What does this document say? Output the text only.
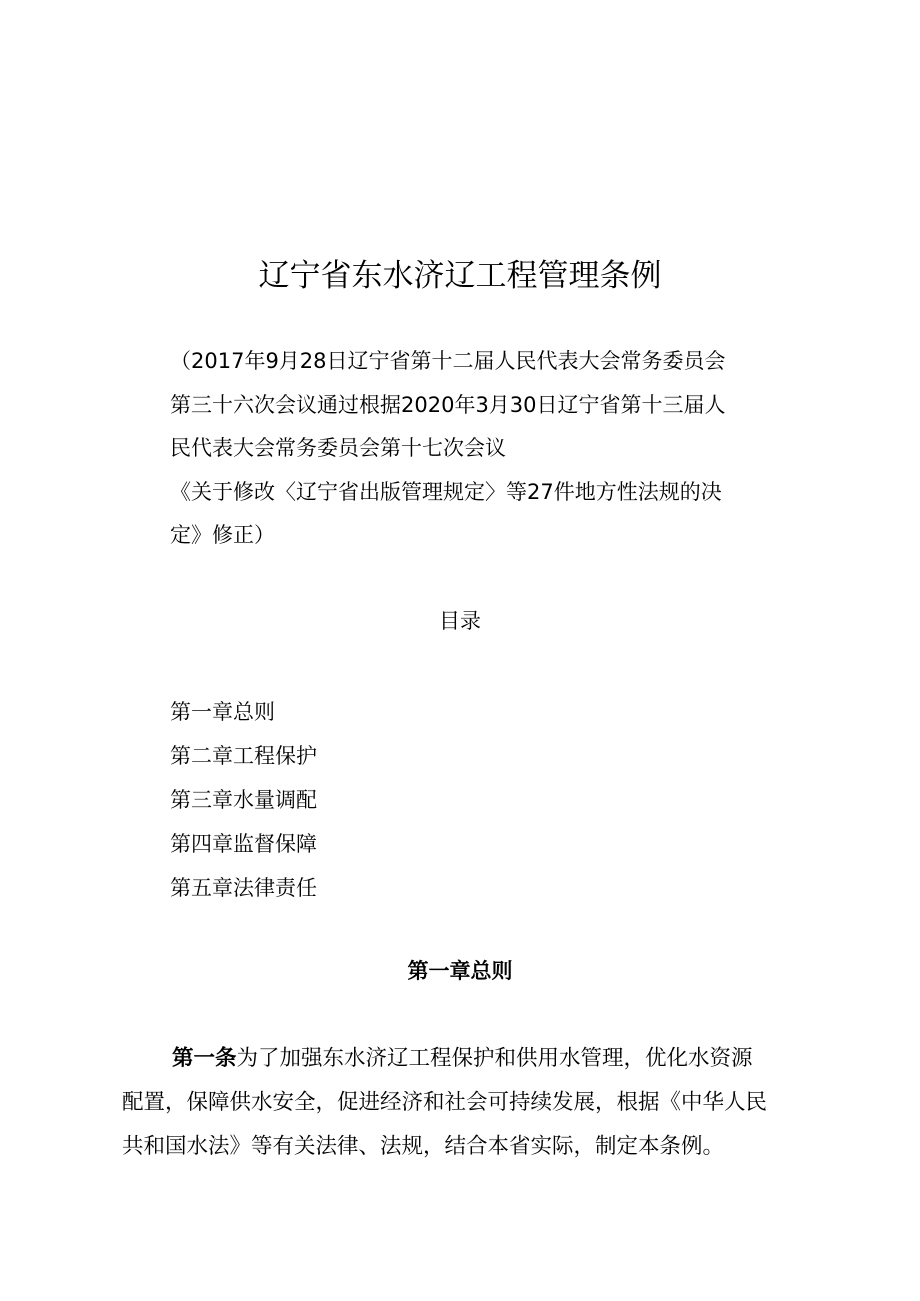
辽宁省东水济辽工程管理条例
（2017年9月28日辽宁省第十二届人民代表大会常务委员会
第三十六次会议通过根据2020年3月30日辽宁省第十三届人
民代表大会常务委员会第十七次会议
《关于修改〈辽宁省出版管理规定〉等27件地方性法规的决
定》修正）
目录
第一章总则
第二章工程保护
第三章水量调配
第四章监督保障
第五章法律责任
第一章总则
第一条为了加强东水济辽工程保护和供用水管理，优化水资源
配置，保障供水安全，促进经济和社会可持续发展，根据《中华人民
共和国水法》等有关法律、法规，结合本省实际，制定本条例。
